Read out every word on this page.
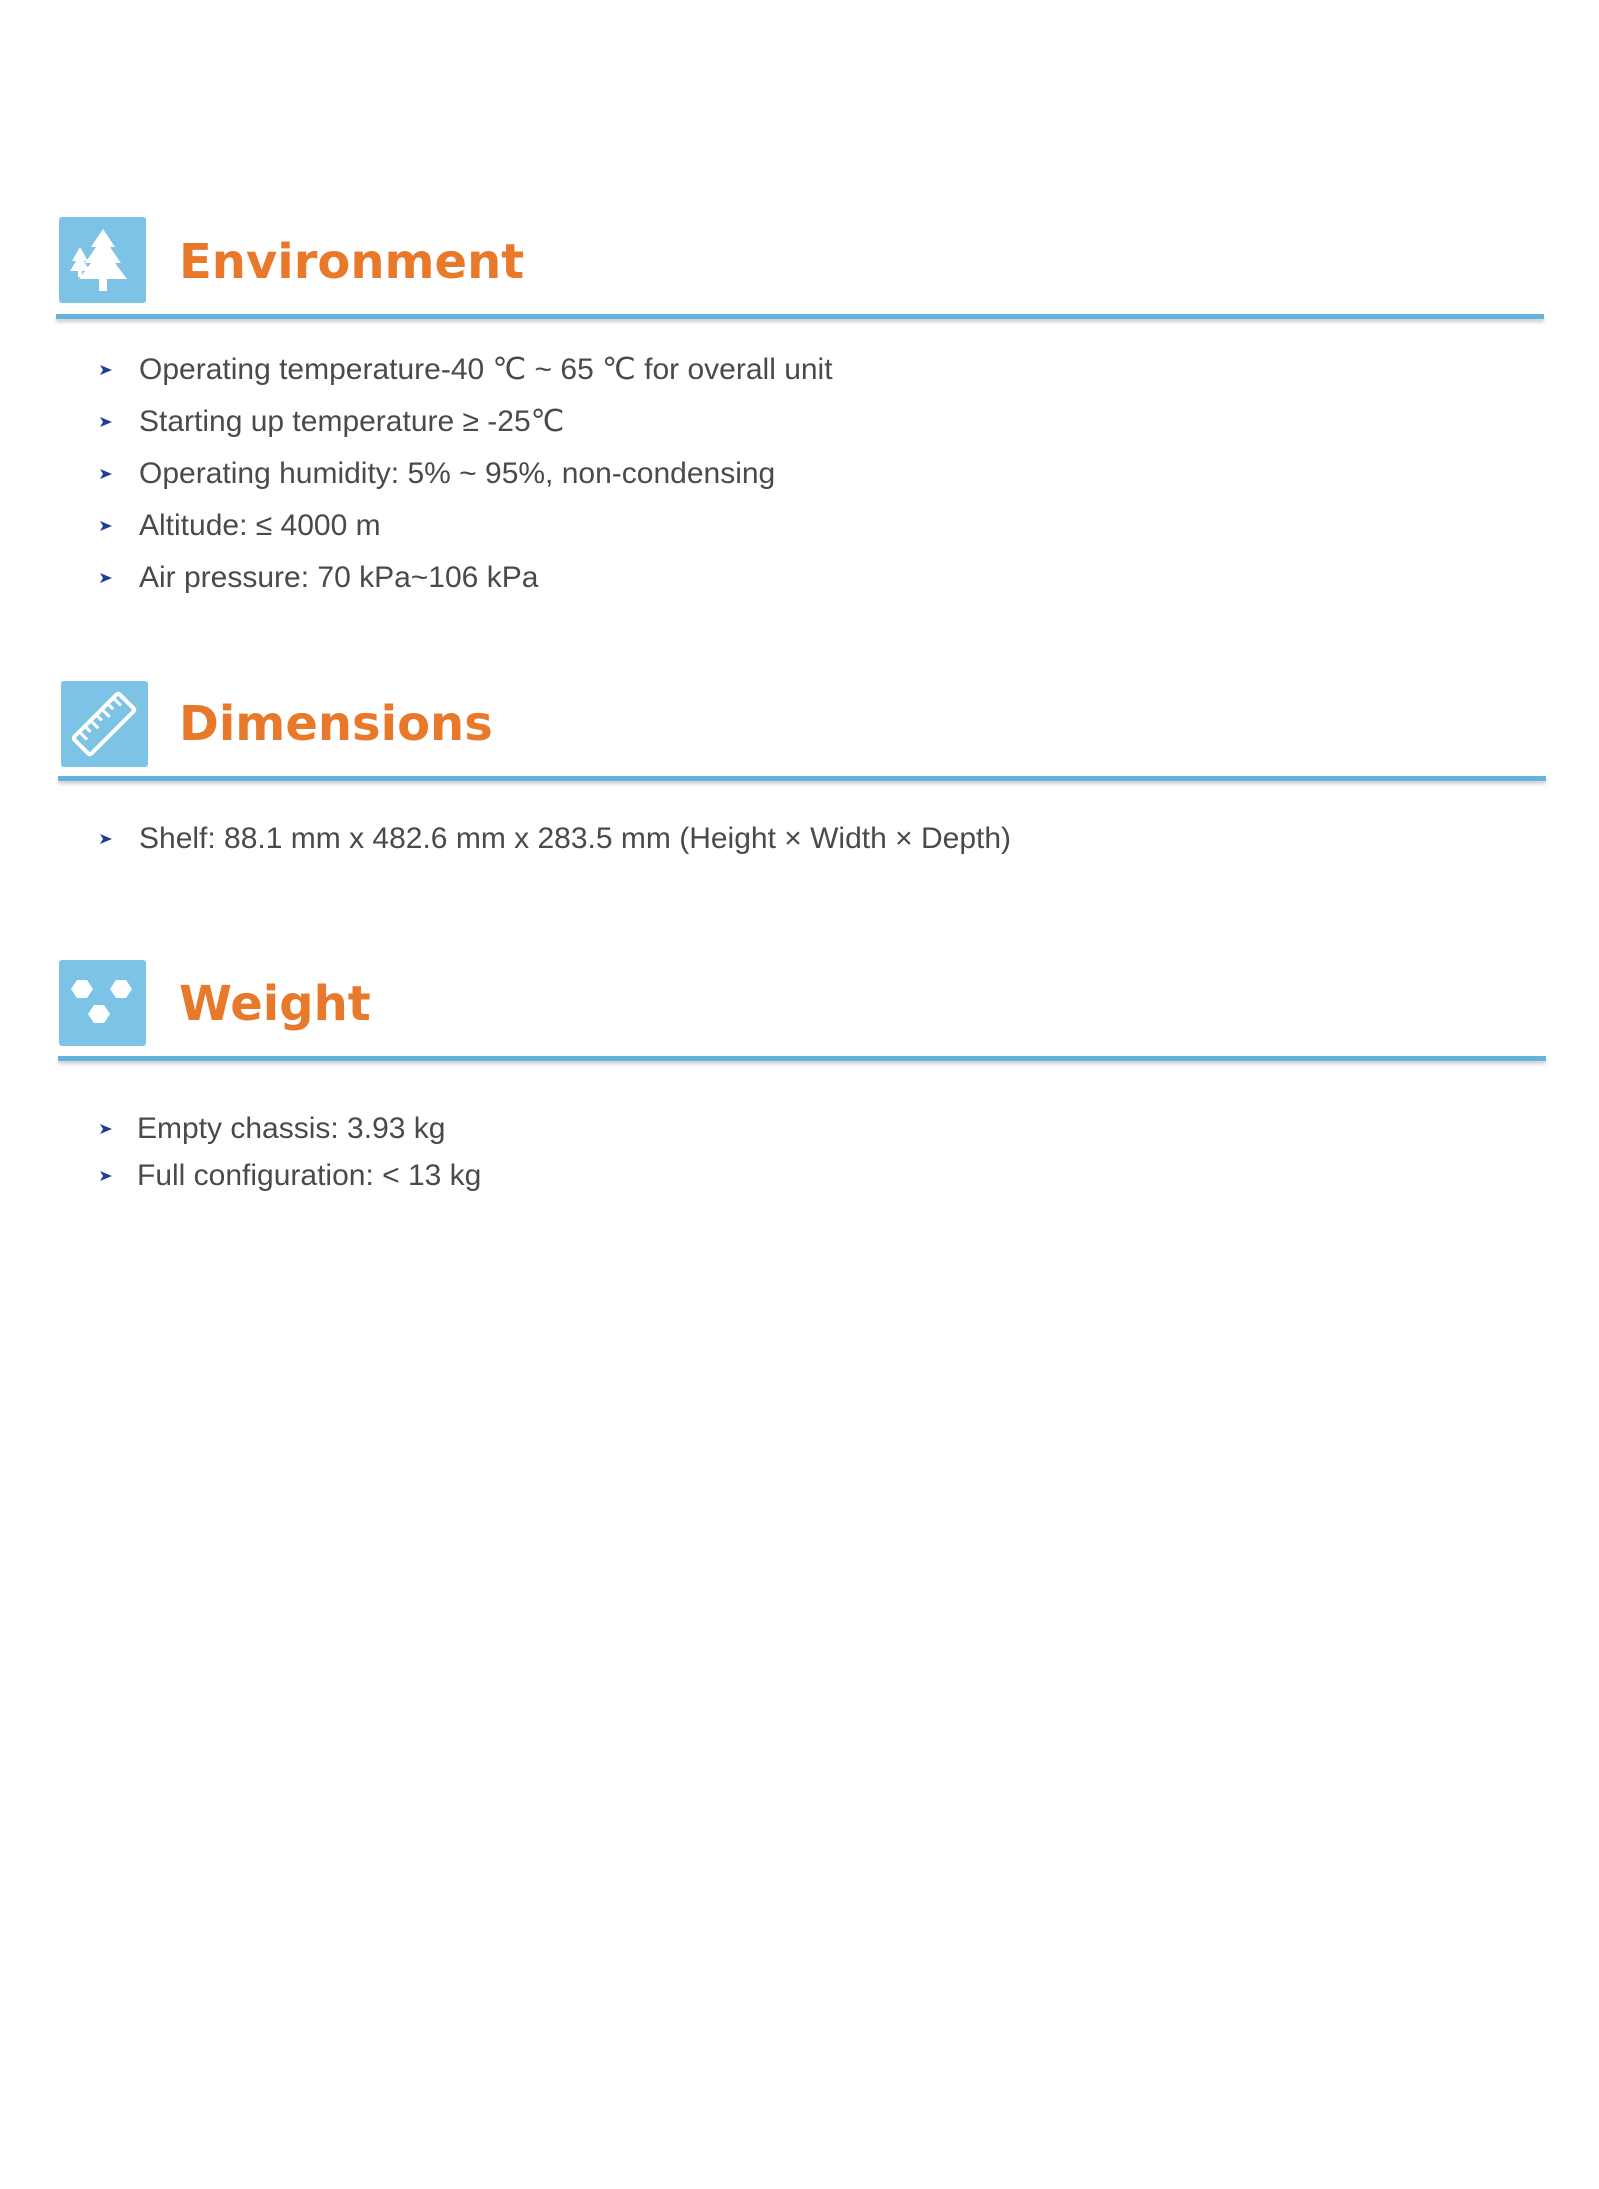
Environment
Operating temperature-40 ℃ ~ 65 ℃ for overall unit
Starting up temperature ≥ -25℃
Operating humidity: 5% ~ 95%, non-condensing
Altitude: ≤ 4000 m
Air pressure: 70 kPa~106 kPa
Dimensions
Shelf: 88.1 mm x 482.6 mm x 283.5 mm (Height × Width × Depth)
Weight
Empty chassis: 3.93 kg
Full configuration: < 13 kg
